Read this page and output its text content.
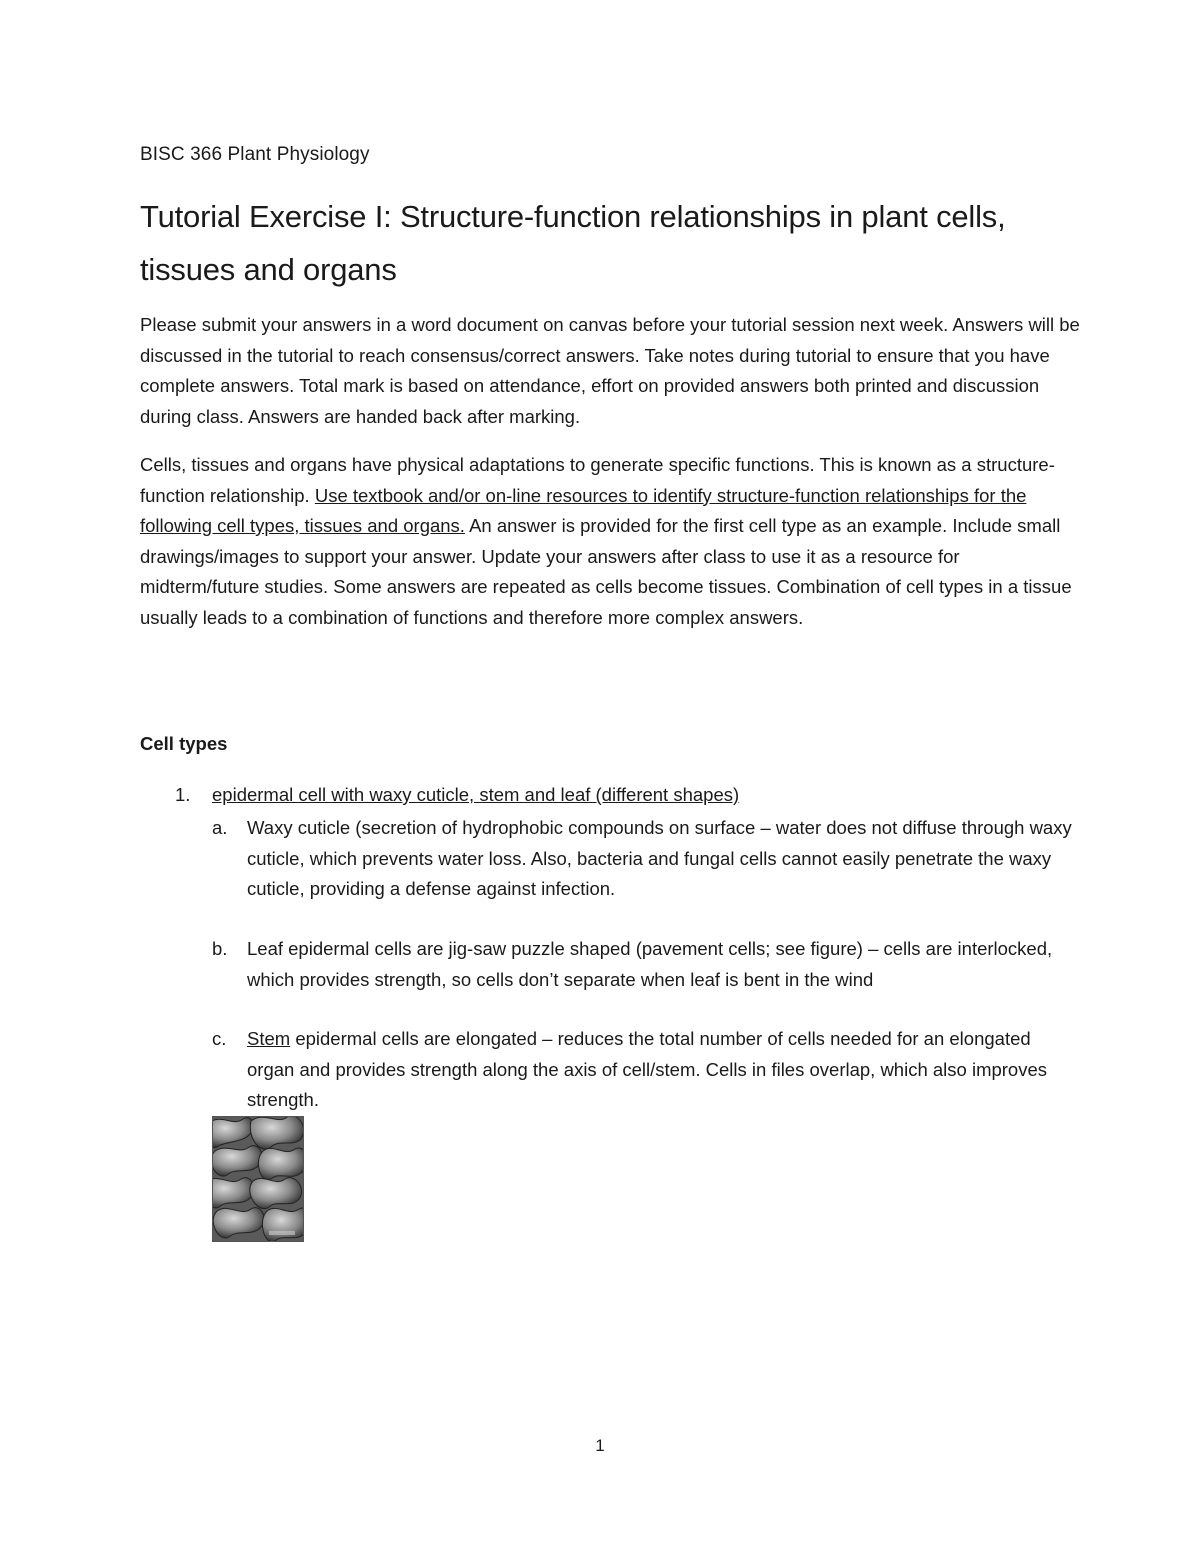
BISC 366 Plant Physiology
Tutorial Exercise I: Structure-function relationships in plant cells, tissues and organs

Please submit your answers in a word document on canvas before your tutorial session next week. Answers will be discussed in the tutorial to reach consensus/correct answers. Take notes during tutorial to ensure that you have complete answers. Total mark is based on attendance, effort on provided answers both printed and discussion during class. Answers are handed back after marking.

Cells, tissues and organs have physical adaptations to generate specific functions. This is known as a structure-function relationship. Use textbook and/or on-line resources to identify structure-function relationships for the following cell types, tissues and organs. An answer is provided for the first cell type as an example. Include small drawings/images to support your answer. Update your answers after class to use it as a resource for midterm/future studies. Some answers are repeated as cells become tissues. Combination of cell types in a tissue usually leads to a combination of functions and therefore more complex answers.

Cell types
1. epidermal cell with waxy cuticle, stem and leaf (different shapes)
a. Waxy cuticle (secretion of hydrophobic compounds on surface – water does not diffuse through waxy cuticle, which prevents water loss. Also, bacteria and fungal cells cannot easily penetrate the waxy cuticle, providing a defense against infection.
b. Leaf epidermal cells are jig-saw puzzle shaped (pavement cells; see figure) – cells are interlocked, which provides strength, so cells don’t separate when leaf is bent in the wind
c. Stem epidermal cells are elongated – reduces the total number of cells needed for an elongated organ and provides strength along the axis of cell/stem. Cells in files overlap, which also improves strength.
1
